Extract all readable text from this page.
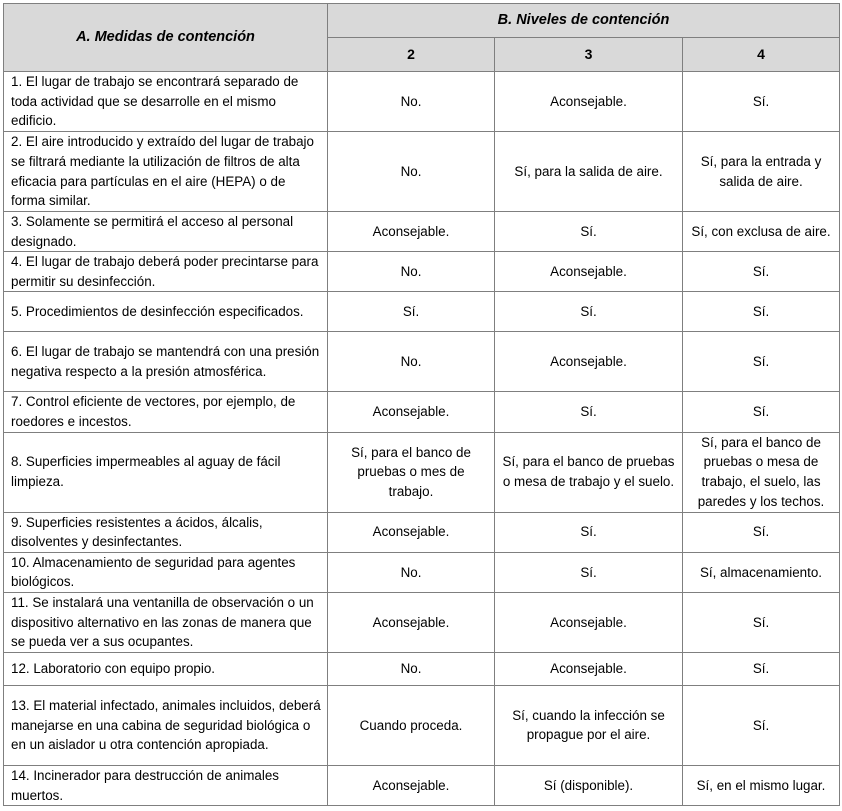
A. Medidas de contención	B. Niveles de contención		
	2	3	4
1. El lugar de trabajo se encontrará separado de toda actividad que se desarrolle en el mismo edificio.	No.	Aconsejable.	Sí.
2. El aire introducido y extraído del lugar de trabajo se filtrará mediante la utilización de filtros de alta eficacia para partículas en el aire (HEPA) o de forma similar.	No.	Sí, para la salida de aire.	Sí, para la entrada y salida de aire.
3. Solamente se permitirá el acceso al personal designado.	Aconsejable.	Sí.	Sí, con exclusa de aire.
4. El lugar de trabajo deberá poder precintarse para permitir su desinfección.	No.	Aconsejable.	Sí.
5. Procedimientos de desinfección especificados.	Sí.	Sí.	Sí.
6. El lugar de trabajo se mantendrá con una presión negativa respecto a la presión atmosférica.	No.	Aconsejable.	Sí.
7. Control eficiente de vectores, por ejemplo, de roedores e incestos.	Aconsejable.	Sí.	Sí.
8. Superficies impermeables al aguay de fácil limpieza.	Sí, para el banco de pruebas o mes de trabajo.	Sí, para el banco de pruebas o mesa de trabajo y el suelo.	Sí, para el banco de pruebas o mesa de trabajo, el suelo, las paredes y los techos.
9. Superficies resistentes a ácidos, álcalis, disolventes y desinfectantes.	Aconsejable.	Sí.	Sí.
10. Almacenamiento de seguridad para agentes biológicos.	No.	Sí.	Sí, almacenamiento.
11. Se instalará una ventanilla de observación o un dispositivo alternativo en las zonas de manera que se pueda ver a sus ocupantes.	Aconsejable.	Aconsejable.	Sí.
12. Laboratorio con equipo propio.	No.	Aconsejable.	Sí.
13. El material infectado, animales incluidos, deberá manejarse en una cabina de seguridad biológica o en un aislador u otra contención apropiada.	Cuando proceda.	Sí, cuando la infección se propague por el aire.	Sí.
14. Incinerador para destrucción de animales muertos.	Aconsejable.	Sí (disponible).	Sí, en el mismo lugar.
